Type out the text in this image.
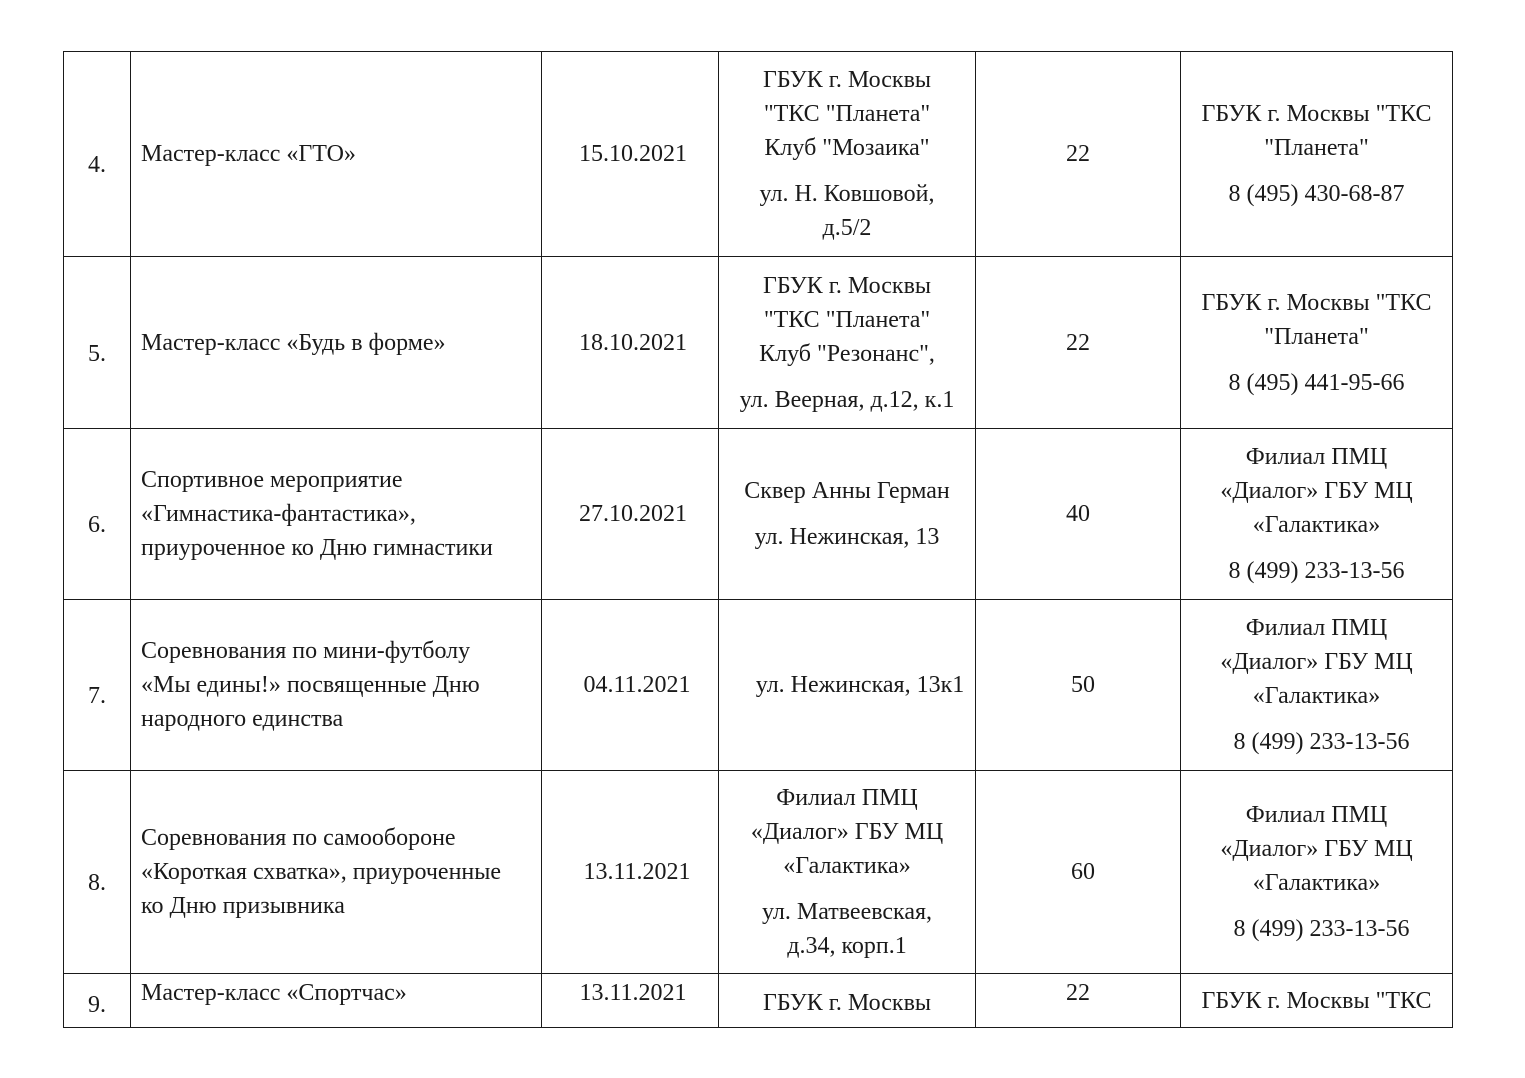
4.	Мастер-класс «ГТО»	15.10.2021	ГБУК г. Москвы
"ТКС "Планета"
Клуб "Мозаика"
ул. Н. Ковшовой,
д.5/2	22	ГБУК г. Москвы "ТКС
"Планета"
8 (495) 430-68-87

5.	Мастер-класс «Будь в форме»	18.10.2021	ГБУК г. Москвы
"ТКС "Планета"
Клуб "Резонанс",
ул. Веерная, д.12, к.1	22	ГБУК г. Москвы "ТКС
"Планета"
8 (495) 441-95-66

6.	Спортивное мероприятие
«Гимнастика-фантастика»,
приуроченное ко Дню гимнастики	27.10.2021	Сквер Анны Герман
ул. Нежинская, 13	40	Филиал ПМЦ
«Диалог» ГБУ МЦ
«Галактика»
8 (499) 233-13-56

7.	Соревнования по мини-футболу
«Мы едины!» посвященные Дню
народного единства	04.11.2021	ул. Нежинская, 13к1	50	Филиал ПМЦ
«Диалог» ГБУ МЦ
«Галактика»
8 (499) 233-13-56

8.	Соревнования по самообороне
«Короткая схватка», приуроченные
ко Дню призывника	13.11.2021	Филиал ПМЦ
«Диалог» ГБУ МЦ
«Галактика»
ул. Матвеевская,
д.34, корп.1	60	Филиал ПМЦ
«Диалог» ГБУ МЦ
«Галактика»
8 (499) 233-13-56

9.	Мастер-класс «Спортчас»	13.11.2021	ГБУК г. Москвы	22	ГБУК г. Москвы "ТКС
